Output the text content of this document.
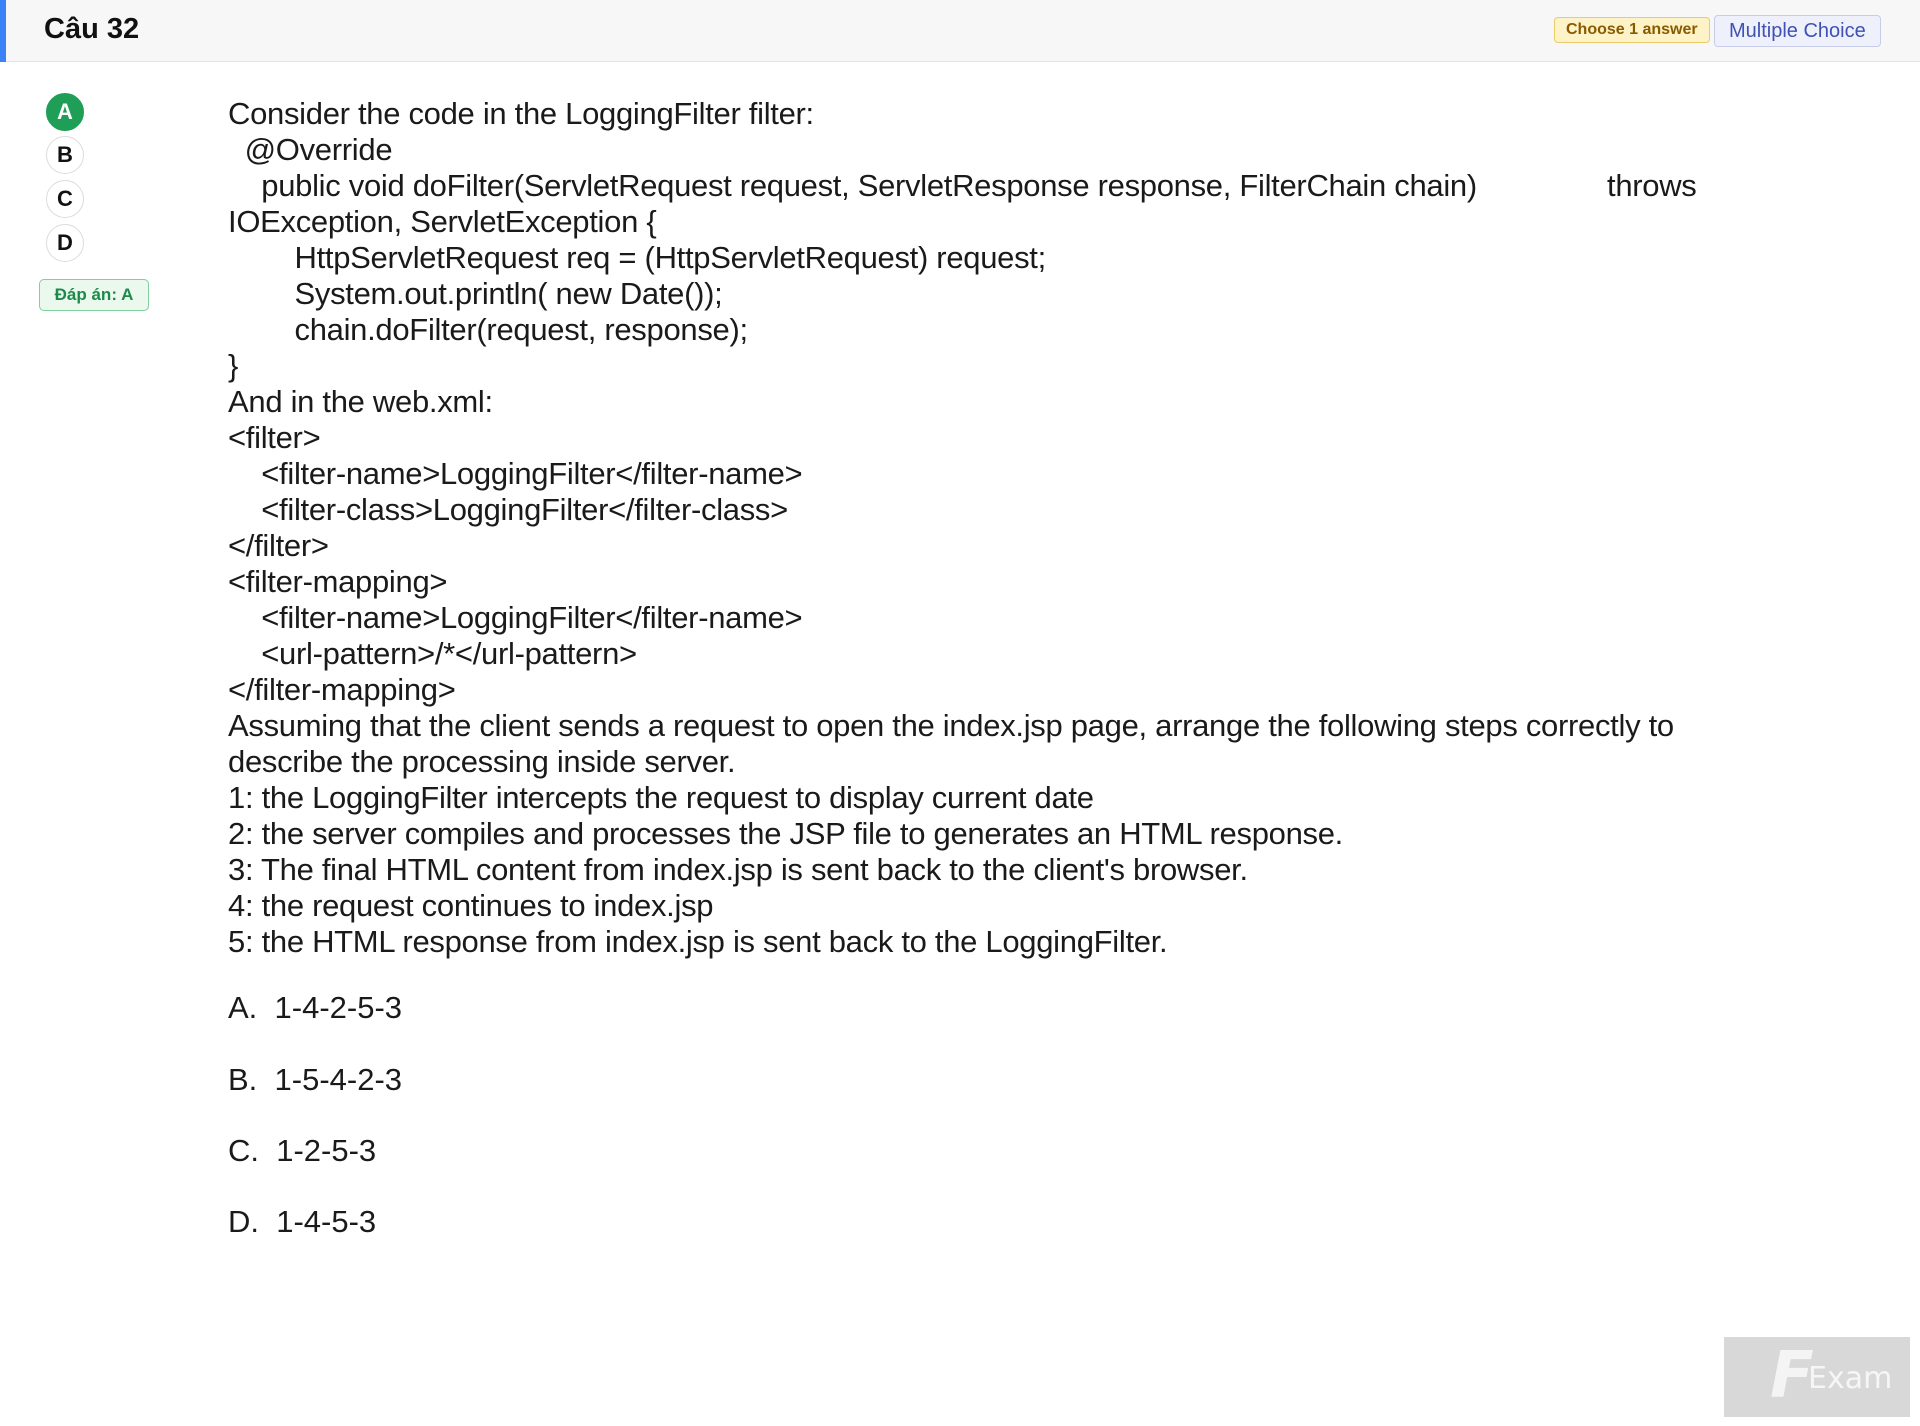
Câu 32	Choose 1 answer	Multiple Choice
A
B
C
D
Đáp án: A
Consider the code in the LoggingFilter filter:
@Override
public void doFilter(ServletRequest request, ServletResponse response, FilterChain chain)	throws
IOException, ServletException {
HttpServletRequest req = (HttpServletRequest) request;
System.out.println( new Date());
chain.doFilter(request, response);
}
And in the web.xml:
<filter>
<filter-name>LoggingFilter</filter-name>
<filter-class>LoggingFilter</filter-class>
</filter>
<filter-mapping>
<filter-name>LoggingFilter</filter-name>
<url-pattern>/*</url-pattern>
</filter-mapping>
Assuming that the client sends a request to open the index.jsp page, arrange the following steps correctly to
describe the processing inside server.
1: the LoggingFilter intercepts the request to display current date
2: the server compiles and processes the JSP file to generates an HTML response.
3: The final HTML content from index.jsp is sent back to the client's browser.
4: the request continues to index.jsp
5: the HTML response from index.jsp is sent back to the LoggingFilter.
A.  1-4-2-5-3
B.  1-5-4-2-3
C.  1-2-5-3
D.  1-4-5-3
F
Exam
